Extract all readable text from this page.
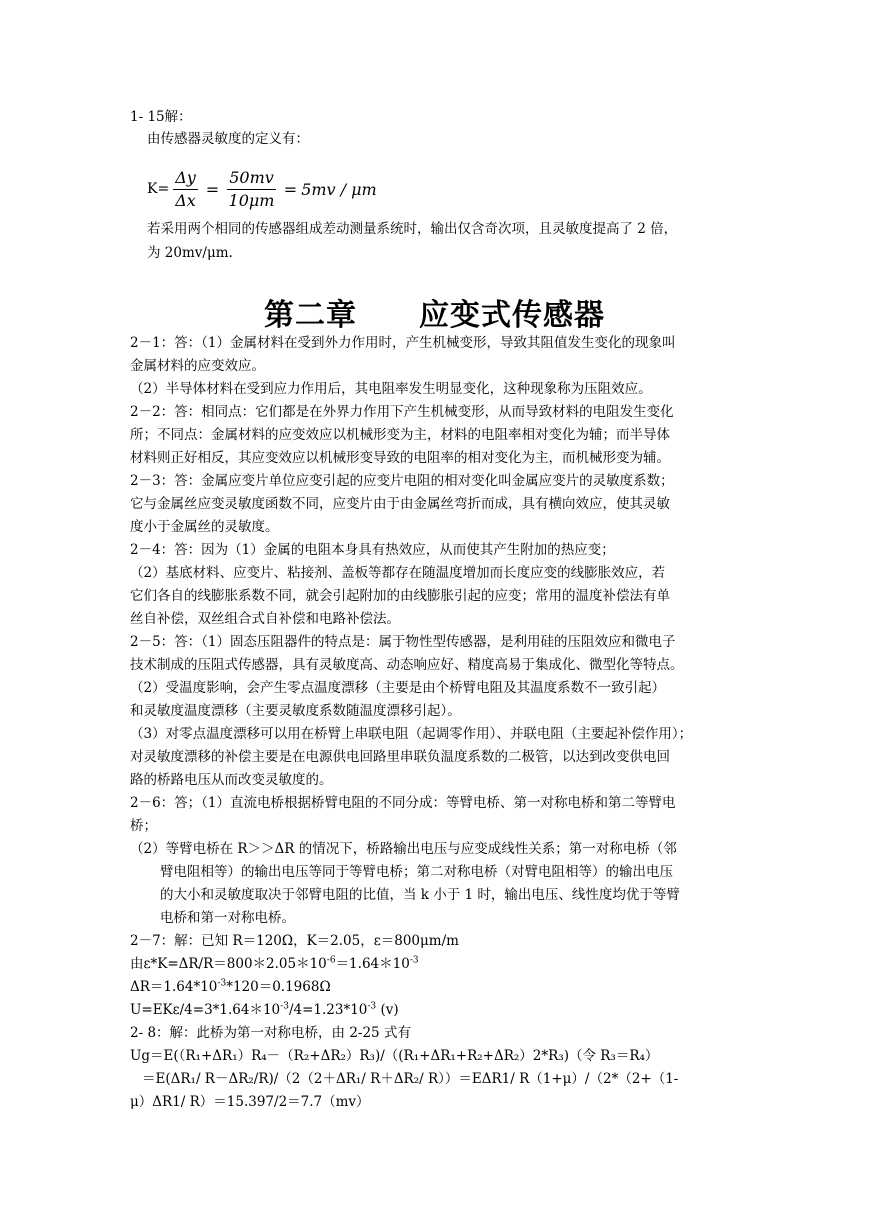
1- 15解：
由传感器灵敏度的定义有：
$K= \frac{\Delta y}{\Delta x} = \frac{50mv}{10\mu m} = 5mv / \mu m$
若采用两个相同的传感器组成差动测量系统时，输出仅含奇次项，且灵敏度提高了 2 倍，
为 20mv/μm.
第二章　　应变式传感器
2－1：答：（1）金属材料在受到外力作用时，产生机械变形，导致其阻值发生变化的现象叫
金属材料的应变效应。
（2）半导体材料在受到应力作用后，其电阻率发生明显变化，这种现象称为压阻效应。
2－2：答：相同点：它们都是在外界力作用下产生机械变形，从而导致材料的电阻发生变化
所；不同点：金属材料的应变效应以机械形变为主，材料的电阻率相对变化为辅；而半导体
材料则正好相反，其应变效应以机械形变导致的电阻率的相对变化为主，而机械形变为辅。
2－3：答：金属应变片单位应变引起的应变片电阻的相对变化叫金属应变片的灵敏度系数；
它与金属丝应变灵敏度函数不同，应变片由于由金属丝弯折而成，具有横向效应，使其灵敏
度小于金属丝的灵敏度。
2－4：答：因为（1）金属的电阻本身具有热效应，从而使其产生附加的热应变；
（2）基底材料、应变片、粘接剂、盖板等都存在随温度增加而长度应变的线膨胀效应，若
它们各自的线膨胀系数不同，就会引起附加的由线膨胀引起的应变；常用的温度补偿法有单
丝自补偿，双丝组合式自补偿和电路补偿法。
2－5：答：（1）固态压阻器件的特点是：属于物性型传感器，是利用硅的压阻效应和微电子
技术制成的压阻式传感器，具有灵敏度高、动态响应好、精度高易于集成化、微型化等特点。
（2）受温度影响，会产生零点温度漂移（主要是由个桥臂电阻及其温度系数不一致引起）
和灵敏度温度漂移（主要灵敏度系数随温度漂移引起）。
（3）对零点温度漂移可以用在桥臂上串联电阻（起调零作用）、并联电阻（主要起补偿作用）；
对灵敏度漂移的补偿主要是在电源供电回路里串联负温度系数的二极管，以达到改变供电回
路的桥路电压从而改变灵敏度的。
2－6：答；（1）直流电桥根据桥臂电阻的不同分成：等臂电桥、第一对称电桥和第二等臂电
桥；
（2）等臂电桥在 R＞＞ΔR 的情况下，桥路输出电压与应变成线性关系；第一对称电桥（邻
臂电阻相等）的输出电压等同于等臂电桥；第二对称电桥（对臂电阻相等）的输出电压
的大小和灵敏度取决于邻臂电阻的比值，当 k 小于 1 时，输出电压、线性度均优于等臂
电桥和第一对称电桥。
2－7：解：已知 R＝120Ω，K＝2.05，ε＝800μm/m
由$\varepsilon*K=\Delta R/R=800*2.05*10^{-6}=1.64*10^{-3}$
$\Delta R=1.64*10^{-3}*120=0.1968\Omega$
$U=EK\varepsilon/4=3*1.64*10^{-3}/4=1.23*10^{-3}$ (v)
2- 8：解：此桥为第一对称电桥，由 2-25 式有
Ug＝E(（R₁+ΔR₁）R₄－（R₂+ΔR₂）R₃)/（(R₁+ΔR₁+R₂+ΔR₂）2*R₃)（令 R₃＝R₄）
＝E(ΔR₁/ R－ΔR₂/R)/（2（2＋ΔR₁/ R＋ΔR₂/ R））＝EΔR1/ R（1+μ）/（2*（2+（1-
μ）ΔR1/ R）＝15.397/2＝7.7（mv）
